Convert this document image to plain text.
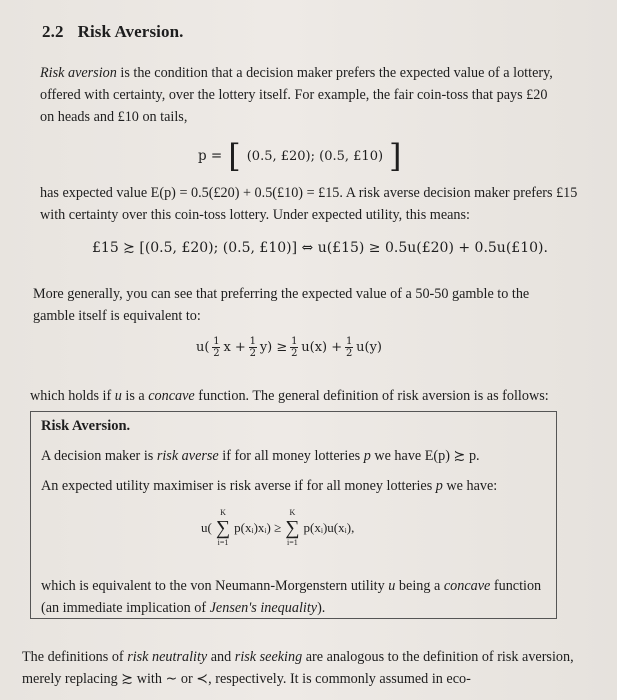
2.2 Risk Aversion.

Risk aversion is the condition that a decision maker prefers the expected value of a lottery, offered with certainty, over the lottery itself. For example, the fair coin-toss that pays £20 on heads and £10 on tails,

p = [ (0.5, £20); (0.5, £10) ]

has expected value E(p) = 0.5(£20) + 0.5(£10) = £15. A risk averse decision maker prefers £15 with certainty over this coin-toss lottery. Under expected utility, this means:

£15 ≿ [(0.5, £20); (0.5, £10)] ⇔ u(£15) ≥ 0.5u(£20) + 0.5u(£10).

More generally, you can see that preferring the expected value of a 50-50 gamble to the gamble itself is equivalent to:

$u( \frac{1}{2}$ $x + \frac{1}{2} y) \ge \frac{1}{2} u(x) + \frac{1}{2} u(y)$

which holds if u is a concave function. The general definition of risk aversion is as follows:

Risk Aversion.
A decision maker is risk averse if for all money lotteries p we have E(p) ≿ p.
An expected utility maximiser is risk averse if for all money lotteries p we have:
u(
K
∑
i=1
p(xᵢ)xᵢ) ≥
K
∑
i=1
p(xᵢ)u(xᵢ),
which is equivalent to the von Neumann-Morgenstern utility u being a concave function (an immediate implication of Jensen's inequality).

The definitions of risk neutrality and risk seeking are analogous to the definition of risk aversion, merely replacing ≿ with ∼ or ≺, respectively. It is commonly assumed in eco-
